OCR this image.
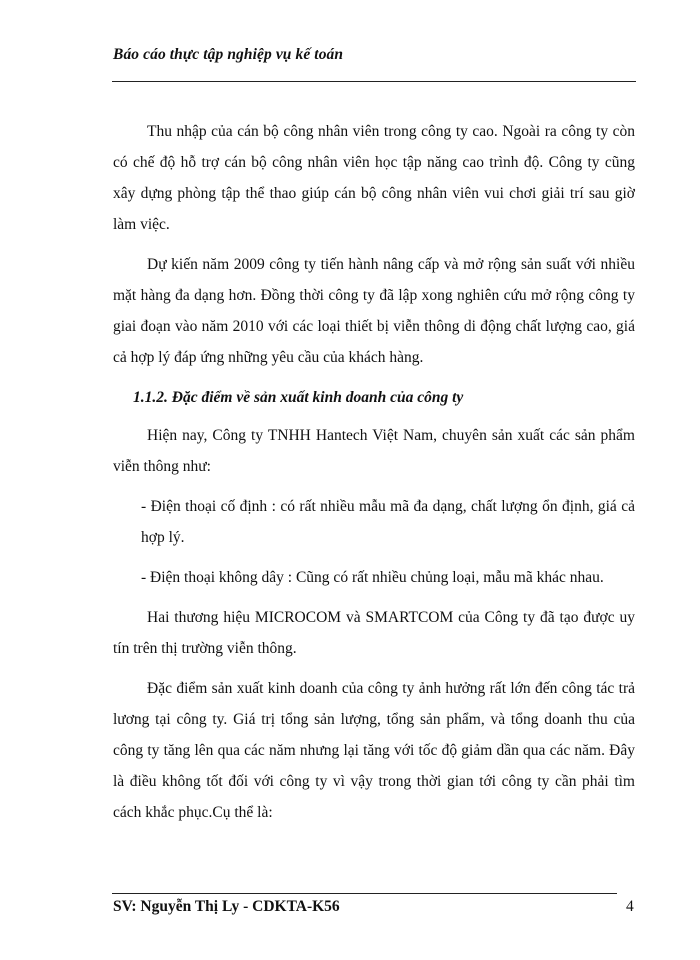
Báo cáo thực tập nghiệp vụ kế toán

Thu nhập của cán bộ công nhân viên trong công ty cao. Ngoài ra công ty còn có chế độ hỗ trợ cán bộ công nhân viên học tập năng cao trình độ. Công ty cũng xây dựng phòng tập thể thao giúp cán bộ công nhân viên vui chơi giải trí sau giờ làm việc.

Dự kiến năm 2009 công ty tiến hành nâng cấp và mở rộng sản suất với nhiều mặt hàng đa dạng hơn. Đồng thời công ty đã lập xong nghiên cứu mở rộng công ty giai đoạn vào năm 2010 với các loại thiết bị viễn thông di động chất lượng cao, giá cả hợp lý đáp ứng những yêu cầu của khách hàng.

1.1.2. Đặc điểm về sản xuất kinh doanh của công ty

Hiện nay, Công ty TNHH Hantech Việt Nam, chuyên sản xuất các sản phẩm viễn thông như:

- Điện thoại cố định : có rất nhiều mẫu mã đa dạng, chất lượng ổn định, giá cả hợp lý.

- Điện thoại không dây : Cũng có rất nhiều chủng loại, mẫu mã khác nhau.

Hai thương hiệu MICROCOM và SMARTCOM của Công ty đã tạo được uy tín trên thị trường viễn thông.

Đặc điểm sản xuất kinh doanh của công ty ảnh hưởng rất lớn đến công tác trả lương tại công ty. Giá trị tổng sản lượng, tổng sản phẩm, và tổng doanh thu của công ty tăng lên qua các năm nhưng lại tăng với tốc độ giảm dần qua các năm. Đây là điều không tốt đối với công ty vì vậy trong thời gian tới công ty cần phải tìm cách khắc phục.Cụ thể là:

SV: Nguyễn Thị Ly - CDKTA-K56	4
